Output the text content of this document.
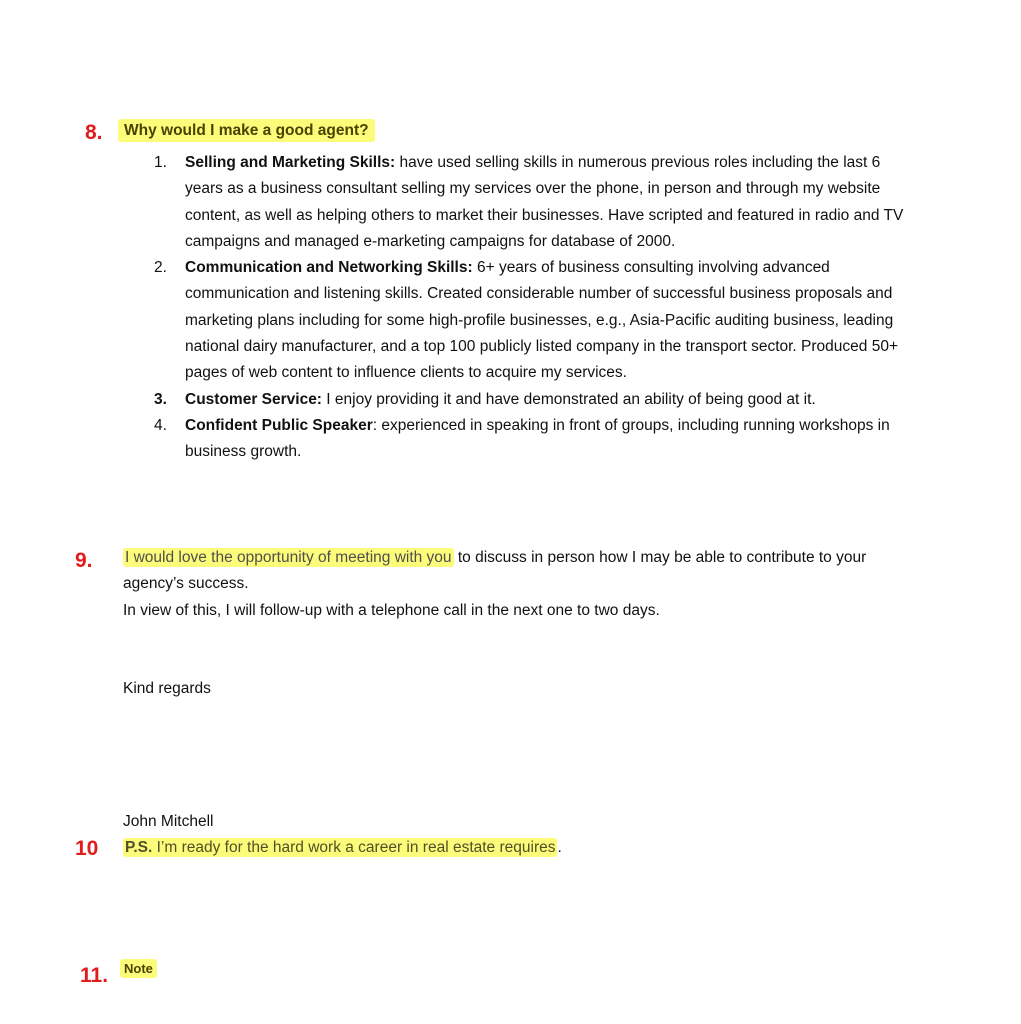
8.	Why would I make a good agent?
1. Selling and Marketing Skills: have used selling skills in numerous previous roles including the last 6 years as a business consultant selling my services over the phone, in person and through my website content, as well as helping others to market their businesses. Have scripted and featured in radio and TV campaigns and managed e-marketing campaigns for database of 2000.
2. Communication and Networking Skills: 6+ years of business consulting involving advanced communication and listening skills. Created considerable number of successful business proposals and marketing plans including for some high-profile businesses, e.g., Asia-Pacific auditing business, leading national dairy manufacturer, and a top 100 publicly listed company in the transport sector. Produced 50+ pages of web content to influence clients to acquire my services.
3. Customer Service: I enjoy providing it and have demonstrated an ability of being good at it.
4. Confident Public Speaker: experienced in speaking in front of groups, including running workshops in business growth.
9. I would love the opportunity of meeting with you to discuss in person how I may be able to contribute to your agency’s success.
In view of this, I will follow-up with a telephone call in the next one to two days.
Kind regards
John Mitchell
10 P.S. I’m ready for the hard work a career in real estate requires .
11.	Note
